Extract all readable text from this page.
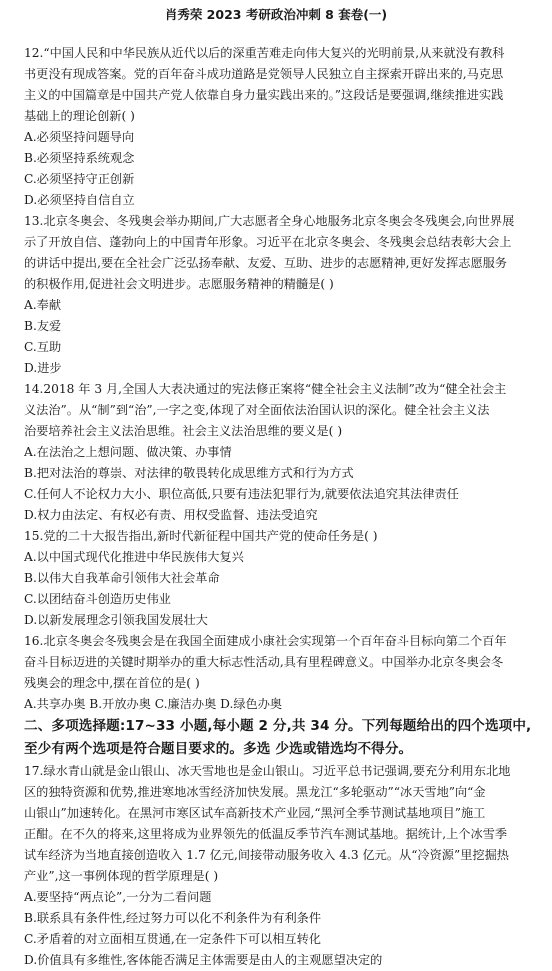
肖秀荣 2023 考研政治冲刺 8 套卷(一)
12.“中国人民和中华民族从近代以后的深重苦难走向伟大复兴的光明前景,从来就没有教科
书更没有现成答案。党的百年奋斗成功道路是党领导人民独立自主探索开辟出来的,马克思
主义的中国篇章是中国共产党人依靠自身力量实践出来的。”这段话是要强调,继续推进实践
基础上的理论创新( )
A.必须坚持问题导向
B.必须坚持系统观念
C.必须坚持守正创新
D.必须坚持自信自立
13.北京冬奥会、冬残奥会举办期间,广大志愿者全身心地服务北京冬奥会冬残奥会,向世界展
示了开放自信、蓬勃向上的中国青年形象。习近平在北京冬奥会、冬残奥会总结表彰大会上
的讲话中提出,要在全社会广泛弘扬奉献、友爱、互助、进步的志愿精神,更好发挥志愿服务
的积极作用,促进社会文明进步。志愿服务精神的精髓是( )
A.奉献
B.友爱
C.互助
D.进步
14.2018 年 3 月,全国人大表决通过的宪法修正案将“健全社会主义法制”改为“健全社会主
义法治”。从“制”到“治”,一字之变,体现了对全面依法治国认识的深化。健全社会主义法
治要培养社会主义法治思维。社会主义法治思维的要义是( )
A.在法治之上想问题、做决策、办事情
B.把对法治的尊崇、对法律的敬畏转化成思维方式和行为方式
C.任何人不论权力大小、职位高低,只要有违法犯罪行为,就要依法追究其法律责任
D.权力由法定、有权必有责、用权受监督、违法受追究
15.党的二十大报告指出,新时代新征程中国共产党的使命任务是( )
A.以中国式现代化推进中华民族伟大复兴
B.以伟大自我革命引领伟大社会革命
C.以团结奋斗创造历史伟业
D.以新发展理念引领我国发展壮大
16.北京冬奥会冬残奥会是在我国全面建成小康社会实现第一个百年奋斗目标向第二个百年
奋斗目标迈进的关键时期举办的重大标志性活动,具有里程碑意义。中国举办北京冬奥会冬
残奥会的理念中,摆在首位的是( )
A.共享办奥 B.开放办奥 C.廉洁办奥 D.绿色办奥
二、多项选择题:17~33 小题,每小题 2 分,共 34 分。下列每题给出的四个选项中,
至少有两个选项是符合题目要求的。多选 少选或错选均不得分。
17.绿水青山就是金山银山、冰天雪地也是金山银山。习近平总书记强调,要充分利用东北地
区的独特资源和优势,推进寒地冰雪经济加快发展。黑龙江“多轮驱动”“冰天雪地”向“金
山银山”加速转化。在黑河市寒区试车高新技术产业园,“黑河全季节测试基地项目”施工
正酣。在不久的将来,这里将成为业界领先的低温反季节汽车测试基地。据统计,上个冰雪季
试车经济为当地直接创造收入 1.7 亿元,间接带动服务收入 4.3 亿元。从“冷资源”里挖掘热
产业”,这一事例体现的哲学原理是( )
A.要坚持“两点论”,一分为二看问题
B.联系具有条件性,经过努力可以化不利条件为有利条件
C.矛盾着的对立面相互贯通,在一定条件下可以相互转化
D.价值具有多维性,客体能否满足主体需要是由人的主观愿望决定的
